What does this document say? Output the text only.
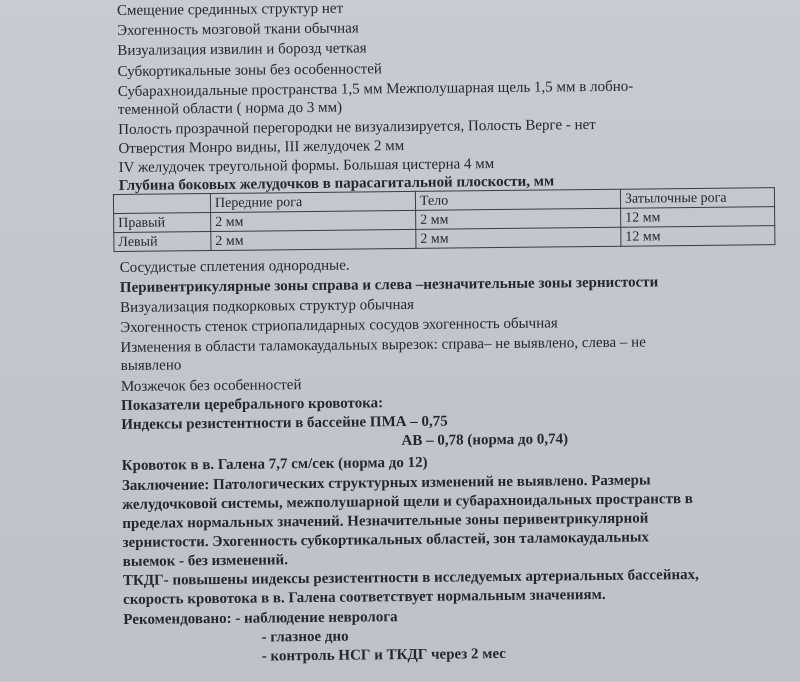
Смещение срединных структур нет
Эхогенность мозговой ткани обычная
Визуализация извилин и борозд четкая
Субкортикальные зоны без особенностей
Субарахноидальные пространства 1,5 мм Межполушарная щель 1,5 мм в лобно-
теменной области ( норма до 3 мм)
Полость прозрачной перегородки не визуализируется, Полость Верге - нет
Отверстия Монро видны, III желудочек 2 мм
IV желудочек треугольной формы. Большая цистерна 4 мм
Глубина боковых желудочков в парасагитальной плоскости, мм
	Передние рога	Тело	Затылочные рога
Правый	2 мм	2 мм	12 мм
Левый	2 мм	2 мм	12 мм
Сосудистые сплетения однородные.
Перивентрикулярные зоны справа и слева –незначительные зоны зернистости
Визуализация подкорковых структур обычная
Эхогенность стенок стриопалидарных сосудов эхогенность обычная
Изменения в области таламокаудальных вырезок: справа– не выявлено, слева – не
выявлено
Мозжечок без особенностей
Показатели церебрального кровотока:
Индексы резистентности в бассейне ПМА – 0,75
АВ – 0,78 (норма до 0,74)
Кровоток в в. Галена 7,7 см/сек (норма до 12)
Заключение: Патологических структурных изменений не выявлено. Размеры
желудочковой системы, межполушарной щели и субарахноидальных пространств в
пределах нормальных значений. Незначительные зоны перивентрикулярной
зернистости. Эхогенность субкортикальных областей, зон таламокаудальных
выемок - без изменений.
ТКДГ- повышены индексы резистентности в исследуемых артериальных бассейнах,
скорость кровотока в в. Галена соответствует нормальным значениям.
Рекомендовано: - наблюдение невролога
- глазное дно
- контроль НСГ и ТКДГ через 2 мес
